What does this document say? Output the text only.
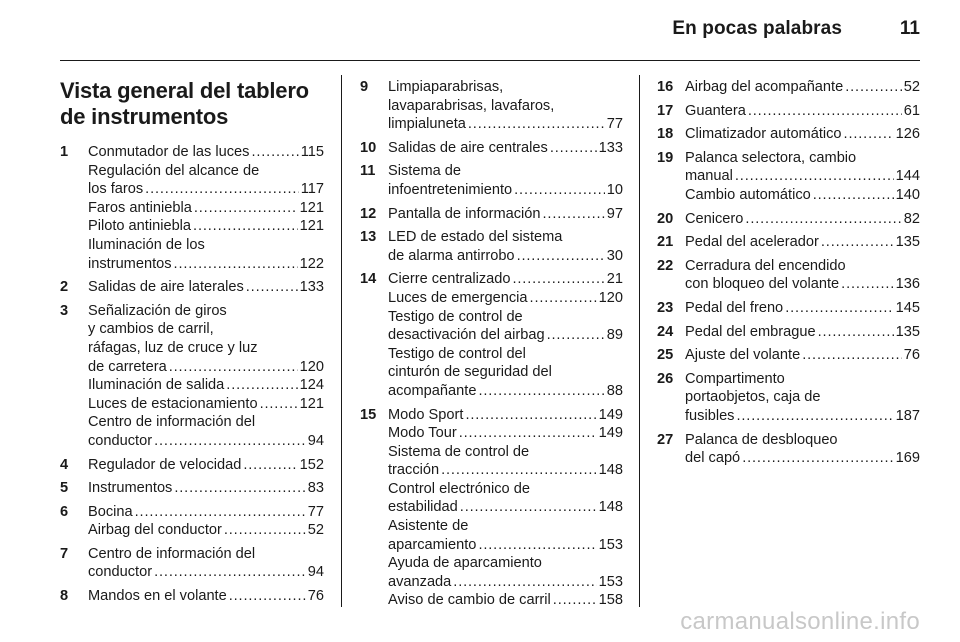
En pocas palabras	11
Vista general del tablero de instrumentos
1	Conmutador de las luces . . .	115
Regulación del alcance de
los faros . . .	117
Faros antiniebla . . .	121
Piloto antiniebla . . .	121
Iluminación de los
instrumentos . . .	122
2	Salidas de aire laterales . . .	133
3	Señalización de giros
y cambios de carril,
ráfagas, luz de cruce y luz
de carretera . . .	120
Iluminación de salida . . .	124
Luces de estacionamiento . . .	121
Centro de información del
conductor . . .	94
4	Regulador de velocidad . . .	152
5	Instrumentos . . .	83
6	Bocina . . .	77
Airbag del conductor . . .	52
7	Centro de información del
conductor . . .	94
8	Mandos en el volante . . .	76
9	Limpiaparabrisas,
lavaparabrisas, lavafaros,
limpialuneta . . .	77
10 Salidas de aire centrales . . .	133
11 Sistema de
infoentretenimiento . . .	10
12 Pantalla de información . . .	97
13 LED de estado del sistema
de alarma antirrobo . . .	30
14 Cierre centralizado . . .	21
Luces de emergencia . . .	120
Testigo de control de
desactivación del airbag . . .	89
Testigo de control del
cinturón de seguridad del
acompañante . . .	88
15 Modo Sport . . .	149
Modo Tour . . .	149
Sistema de control de
tracción . . .	148
Control electrónico de
estabilidad . . .	148
Asistente de
aparcamiento . . .	153
Ayuda de aparcamiento
avanzada . . .	153
Aviso de cambio de carril . . .	158
16 Airbag del acompañante . . .	52
17 Guantera . . .	61
18 Climatizador automático . . .	126
19 Palanca selectora, cambio
manual . . .	144
Cambio automático . . .	140
20 Cenicero . . .	82
21 Pedal del acelerador . . .	135
22 Cerradura del encendido
con bloqueo del volante . . .	136
23 Pedal del freno . . .	145
24 Pedal del embrague . . .	135
25 Ajuste del volante . . .	76
26 Compartimento
portaobjetos, caja de
fusibles . . .	187
27 Palanca de desbloqueo
del capó . . .	169
carmanualsonline.info
